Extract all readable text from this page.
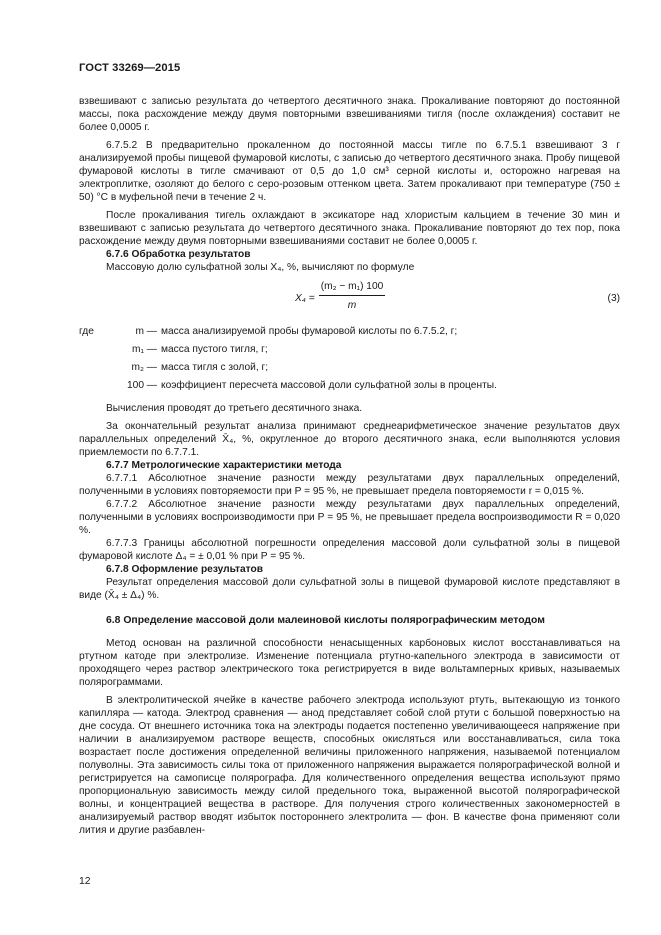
ГОСТ 33269—2015

взвешивают с записью результата до четвертого десятичного знака. Прокаливание повторяют до постоянной массы, пока расхождение между двумя повторными взвешиваниями тигля (после охлаждения) составит не более 0,0005 г.

6.7.5.2 В предварительно прокаленном до постоянной массы тигле по 6.7.5.1 взвешивают 3 г анализируемой пробы пищевой фумаровой кислоты, с записью до четвертого десятичного знака. Пробу пищевой фумаровой кислоты в тигле смачивают от 0,5 до 1,0 см³ серной кислоты и, осторожно нагревая на электроплитке, озоляют до белого с серо-розовым оттенком цвета. Затем прокаливают при температуре (750 ± 50) °С в муфельной печи в течение 2 ч.

После прокаливания тигель охлаждают в эксикаторе над хлористым кальцием в течение 30 мин и взвешивают с записью результата до четвертого десятичного знака. Прокаливание повторяют до тех пор, пока расхождение между двумя повторными взвешиваниями составит не более 0,0005 г.

6.7.6 Обработка результатов

Массовую долю сульфатной золы X₄, %, вычисляют по формуле

$X_4 = \frac{\text{(m₂ − m₁) 100}}{m}$	(3)
где	m — масса анализируемой пробы фумаровой кислоты по 6.7.5.2, г;
m₁ — масса пустого тигля, г;
m₂ — масса тигля с золой, г;
100 — коэффициент пересчета массовой доли сульфатной золы в проценты.

Вычисления проводят до третьего десятичного знака.

За окончательный результат анализа принимают среднеарифметическое значение результатов двух параллельных определений X̄₄, %, округленное до второго десятичного знака, если выполняются условия приемлемости по 6.7.7.1.

6.7.7 Метрологические характеристики метода

6.7.7.1 Абсолютное значение разности между результатами двух параллельных определений, полученными в условиях повторяемости при P = 95 %, не превышает предела повторяемости r = 0,015 %.

6.7.7.2 Абсолютное значение разности между результатами двух параллельных определений, полученными в условиях воспроизводимости при P = 95 %, не превышает предела воспроизводимости R = 0,020 %.

6.7.7.3 Границы абсолютной погрешности определения массовой доли сульфатной золы в пищевой фумаровой кислоте Δ₄ = ± 0,01 % при P = 95 %.

6.7.8 Оформление результатов

Результат определения массовой доли сульфатной золы в пищевой фумаровой кислоте представляют в виде (X̄₄ ± Δ₄) %.

6.8 Определение массовой доли малеиновой кислоты полярографическим методом

Метод основан на различной способности ненасыщенных карбоновых кислот восстанавливаться на ртутном катоде при электролизе. Изменение потенциала ртутно-капельного электрода в зависимости от проходящего через раствор электрического тока регистрируется в виде вольтамперных кривых, называемых полярограммами.

В электролитической ячейке в качестве рабочего электрода используют ртуть, вытекающую из тонкого капилляра — катода. Электрод сравнения — анод представляет собой слой ртути с большой поверхностью на дне сосуда. От внешнего источника тока на электроды подается постепенно увеличивающееся напряжение при наличии в анализируемом растворе веществ, способных окисляться или восстанавливаться, сила тока возрастает после достижения определенной величины приложенного напряжения, называемой потенциалом полуволны. Эта зависимость силы тока от приложенного напряжения выражается полярографической волной и регистрируется на самописце полярографа. Для количественного определения вещества используют прямо пропорциональную зависимость между силой предельного тока, выраженной высотой полярографической волны, и концентрацией вещества в растворе. Для получения строго количественных закономерностей в анализируемый раствор вводят избыток постороннего электролита — фон. В качестве фона применяют соли лития и другие разбавлен-

12
